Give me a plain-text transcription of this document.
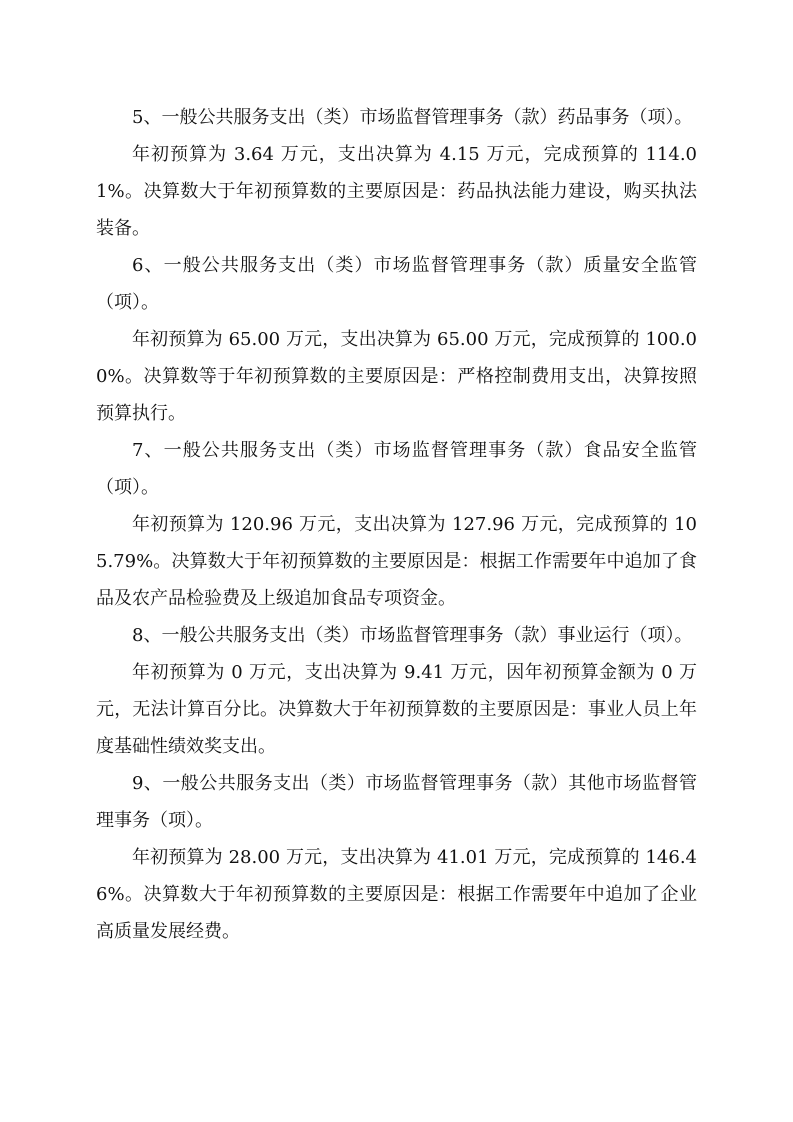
5、一般公共服务支出（类）市场监督管理事务（款）药品事务（项）。

年初预算为 3.64 万元，支出决算为 4.15 万元，完成预算的 114.01%。决算数大于年初预算数的主要原因是：药品执法能力建设，购买执法装备。

6、一般公共服务支出（类）市场监督管理事务（款）质量安全监管（项）。

年初预算为 65.00 万元，支出决算为 65.00 万元，完成预算的 100.00%。决算数等于年初预算数的主要原因是：严格控制费用支出，决算按照预算执行。

7、一般公共服务支出（类）市场监督管理事务（款）食品安全监管（项）。

年初预算为 120.96 万元，支出决算为 127.96 万元，完成预算的 105.79%。决算数大于年初预算数的主要原因是：根据工作需要年中追加了食品及农产品检验费及上级追加食品专项资金。

8、一般公共服务支出（类）市场监督管理事务（款）事业运行（项）。

年初预算为 0 万元，支出决算为 9.41 万元，因年初预算金额为 0 万元，无法计算百分比。决算数大于年初预算数的主要原因是：事业人员上年度基础性绩效奖支出。

9、一般公共服务支出（类）市场监督管理事务（款）其他市场监督管理事务（项）。

年初预算为 28.00 万元，支出决算为 41.01 万元，完成预算的 146.46%。决算数大于年初预算数的主要原因是：根据工作需要年中追加了企业高质量发展经费。
